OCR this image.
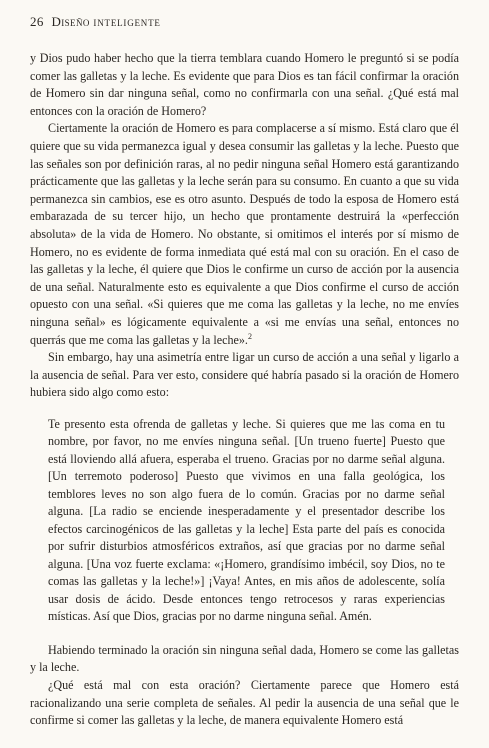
26 Diseño inteligente

y Dios pudo haber hecho que la tierra temblara cuando Homero le preguntó si se podía comer las galletas y la leche. Es evidente que para Dios es tan fácil confirmar la oración de Homero sin dar ninguna señal, como no confirmarla con una señal. ¿Qué está mal entonces con la oración de Homero?

Ciertamente la oración de Homero es para complacerse a sí mismo. Está claro que él quiere que su vida permanezca igual y desea consumir las galletas y la leche. Puesto que las señales son por definición raras, al no pedir ninguna señal Homero está garantizando prácticamente que las galletas y la leche serán para su consumo. En cuanto a que su vida permanezca sin cambios, ese es otro asunto. Después de todo la esposa de Homero está embarazada de su tercer hijo, un hecho que prontamente destruirá la «perfección absoluta» de la vida de Homero. No obstante, si omitimos el interés por sí mismo de Homero, no es evidente de forma inmediata qué está mal con su oración. En el caso de las galletas y la leche, él quiere que Dios le confirme un curso de acción por la ausencia de una señal. Naturalmente esto es equivalente a que Dios confirme el curso de acción opuesto con una señal. «Si quieres que me coma las galletas y la leche, no me envíes ninguna señal» es lógicamente equivalente a «si me envías una señal, entonces no querrás que me coma las galletas y la leche».$^2$

Sin embargo, hay una asimetría entre ligar un curso de acción a una señal y ligarlo a la ausencia de señal. Para ver esto, considere qué habría pasado si la oración de Homero hubiera sido algo como esto:

Te presento esta ofrenda de galletas y leche. Si quieres que me las coma en tu nombre, por favor, no me envíes ninguna señal. [Un trueno fuerte] Puesto que está lloviendo allá afuera, esperaba el trueno. Gracias por no darme señal alguna. [Un terremoto poderoso] Puesto que vivimos en una falla geológica, los temblores leves no son algo fuera de lo común. Gracias por no darme señal alguna. [La radio se enciende inesperadamente y el presentador describe los efectos carcinogénicos de las galletas y la leche] Esta parte del país es conocida por sufrir disturbios atmosféricos extraños, así que gracias por no darme señal alguna. [Una voz fuerte exclama: «¡Homero, grandísimo imbécil, soy Dios, no te comas las galletas y la leche!»] ¡Vaya! Antes, en mis años de adolescente, solía usar dosis de ácido. Desde entonces tengo retrocesos y raras experiencias místicas. Así que Dios, gracias por no darme ninguna señal. Amén.

Habiendo terminado la oración sin ninguna señal dada, Homero se come las galletas y la leche.

¿Qué está mal con esta oración? Ciertamente parece que Homero está racionalizando una serie completa de señales. Al pedir la ausencia de una señal que le confirme si comer las galletas y la leche, de manera equivalente Homero está
